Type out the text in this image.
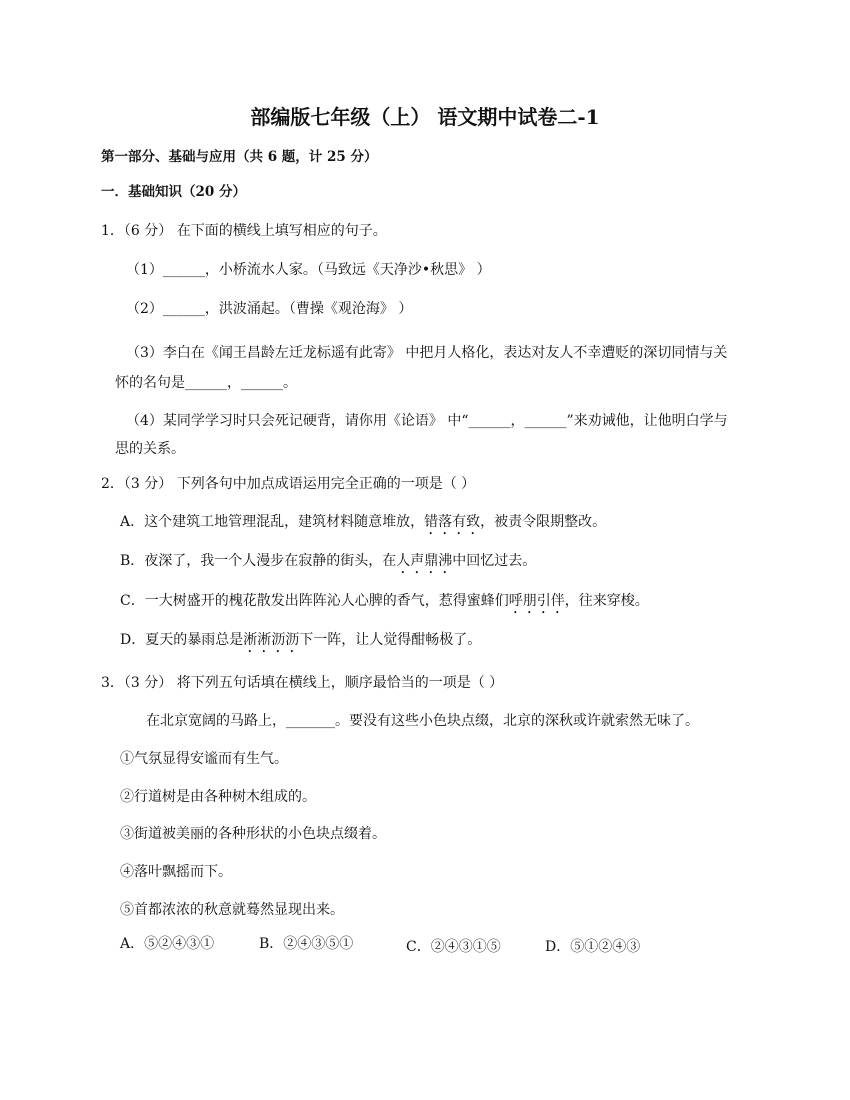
部编版七年级（上） 语文期中试卷二-1
第一部分、基础与应用（共 6 题，计 25 分）
一．基础知识（20 分）
1．（6 分） 在下面的横线上填写相应的句子。
（1）______，小桥流水人家。（马致远《天净沙•秋思》 ）
（2）______，洪波涌起。（曹操《观沧海》 ）
（3）李白在《闻王昌龄左迁龙标遥有此寄》 中把月人格化，表达对友人不幸遭贬的深切同情与关
怀的名句是______，______。
（4）某同学学习时只会死记硬背，请你用《论语》 中“______，______”来劝诫他，让他明白学与
思的关系。
2．（3 分） 下列各句中加点成语运用完全正确的一项是（ ）
A．这个建筑工地管理混乱，建筑材料随意堆放，错落有致，被责令限期整改。
B．夜深了，我一个人漫步在寂静的街头，在人声鼎沸中回忆过去。
C．一大树盛开的槐花散发出阵阵沁人心脾的香气，惹得蜜蜂们呼朋引伴，往来穿梭。
D．夏天的暴雨总是淅淅沥沥下一阵，让人觉得酣畅极了。
3．（3 分） 将下列五句话填在横线上，顺序最恰当的一项是（ ）
在北京宽阔的马路上，_______。要没有这些小色块点缀，北京的深秋或许就索然无味了。
①气氛显得安谧而有生气。
②行道树是由各种树木组成的。
③街道被美丽的各种形状的小色块点缀着。
④落叶飘摇而下。
⑤首都浓浓的秋意就蓦然显现出来。
A．⑤②④③①	B．②④③⑤①	C．②④③①⑤	D．⑤①②④③
